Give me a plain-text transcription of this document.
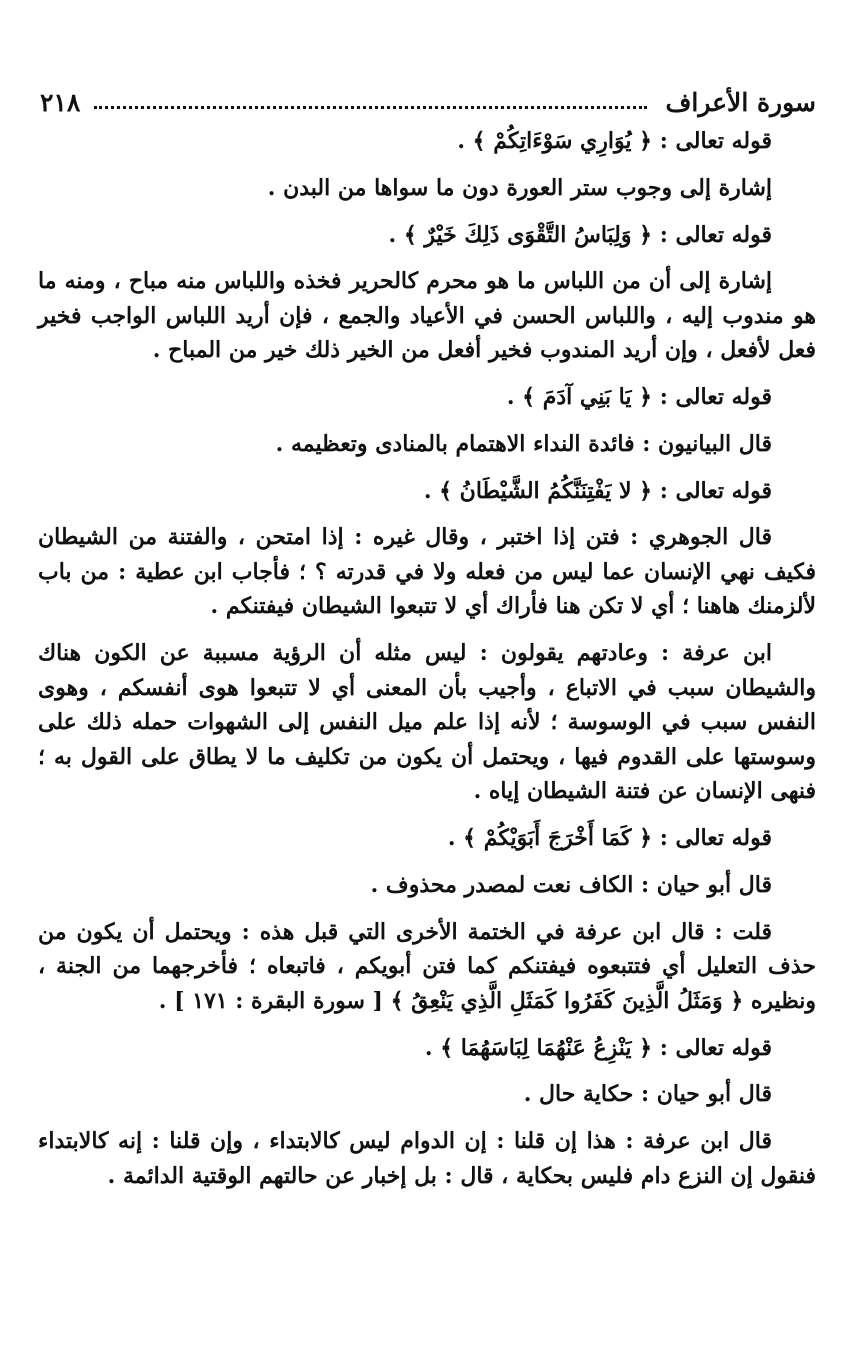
سورة الأعراف
٢١٨

قوله تعالى : ﴿ يُوَارِي سَوْءَاتِكُمْ ﴾ .

إشارة إلى وجوب ستر العورة دون ما سواها من البدن .

قوله تعالى : ﴿ وَلِبَاسُ التَّقْوَى ذَلِكَ خَيْرٌ ﴾ .

إشارة إلى أن من اللباس ما هو محرم كالحرير فخذه واللباس منه مباح ، ومنه ما هو مندوب إليه ، واللباس الحسن في الأعياد والجمع ، فإن أريد اللباس الواجب فخير فعل لأفعل ، وإن أريد المندوب فخير أفعل من الخير ذلك خير من المباح .

قوله تعالى : ﴿ يَا بَنِي آدَمَ ﴾ .

قال البيانيون : فائدة النداء الاهتمام بالمنادى وتعظيمه .

قوله تعالى : ﴿ لا يَفْتِنَنَّكُمُ الشَّيْطَانُ ﴾ .

قال الجوهري : فتن إذا اختبر ، وقال غيره : إذا امتحن ، والفتنة من الشيطان فكيف نهي الإنسان عما ليس من فعله ولا في قدرته ؟ ؛ فأجاب ابن عطية : من باب لألزمنك هاهنا ؛ أي لا تكن هنا فأراك أي لا تتبعوا الشيطان فيفتنكم .

ابن عرفة : وعادتهم يقولون : ليس مثله أن الرؤية مسببة عن الكون هناك والشيطان سبب في الاتباع ، وأجيب بأن المعنى أي لا تتبعوا هوى أنفسكم ، وهوى النفس سبب في الوسوسة ؛ لأنه إذا علم ميل النفس إلى الشهوات حمله ذلك على وسوستها على القدوم فيها ، ويحتمل أن يكون من تكليف ما لا يطاق على القول به ؛ فنهى الإنسان عن فتنة الشيطان إياه .

قوله تعالى : ﴿ كَمَا أَخْرَجَ أَبَوَيْكُمْ ﴾ .

قال أبو حيان : الكاف نعت لمصدر محذوف .

قلت : قال ابن عرفة في الختمة الأخرى التي قبل هذه : ويحتمل أن يكون من حذف التعليل أي فتتبعوه فيفتنكم كما فتن أبويكم ، فاتبعاه ؛ فأخرجهما من الجنة ، ونظيره ﴿ وَمَثَلُ الَّذِينَ كَفَرُوا كَمَثَلِ الَّذِي يَنْعِقُ ﴾ [ سورة البقرة : ١٧١ ] .

قوله تعالى : ﴿ يَنْزِعُ عَنْهُمَا لِبَاسَهُمَا ﴾ .

قال أبو حيان : حكاية حال .

قال ابن عرفة : هذا إن قلنا : إن الدوام ليس كالابتداء ، وإن قلنا : إنه كالابتداء فنقول إن النزع دام فليس بحكاية ، قال : بل إخبار عن حالتهم الوقتية الدائمة .
